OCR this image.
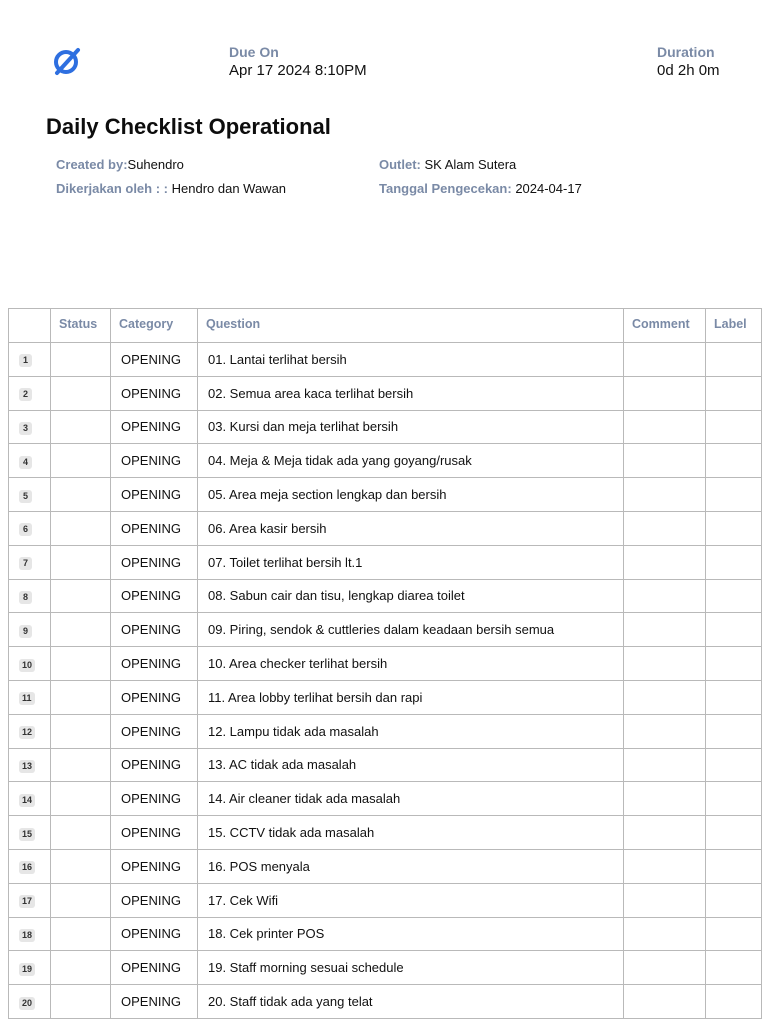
Due On
Apr 17 2024 8:10PM
Duration
0d 2h 0m
Daily Checklist Operational
Created by:Suhendro
Dikerjakan oleh : : Hendro dan Wawan
Outlet: SK Alam Sutera
Tanggal Pengecekan: 2024-04-17
	Status	Category	Question	Comment	Label
1		OPENING	01. Lantai terlihat bersih		
2		OPENING	02. Semua area kaca terlihat bersih		
3		OPENING	03. Kursi dan meja terlihat bersih		
4		OPENING	04. Meja & Meja tidak ada yang goyang/rusak		
5		OPENING	05. Area meja section lengkap dan bersih		
6		OPENING	06. Area kasir bersih		
7		OPENING	07. Toilet terlihat bersih lt.1		
8		OPENING	08. Sabun cair dan tisu, lengkap diarea toilet		
9		OPENING	09. Piring, sendok & cuttleries dalam keadaan bersih semua		
10		OPENING	10. Area checker terlihat bersih		
11		OPENING	11. Area lobby terlihat bersih dan rapi		
12		OPENING	12. Lampu tidak ada masalah		
13		OPENING	13. AC tidak ada masalah		
14		OPENING	14. Air cleaner tidak ada masalah		
15		OPENING	15. CCTV tidak ada masalah		
16		OPENING	16. POS menyala		
17		OPENING	17. Cek Wifi		
18		OPENING	18. Cek printer POS		
19		OPENING	19. Staff morning sesuai schedule		
20		OPENING	20. Staff tidak ada yang telat		
